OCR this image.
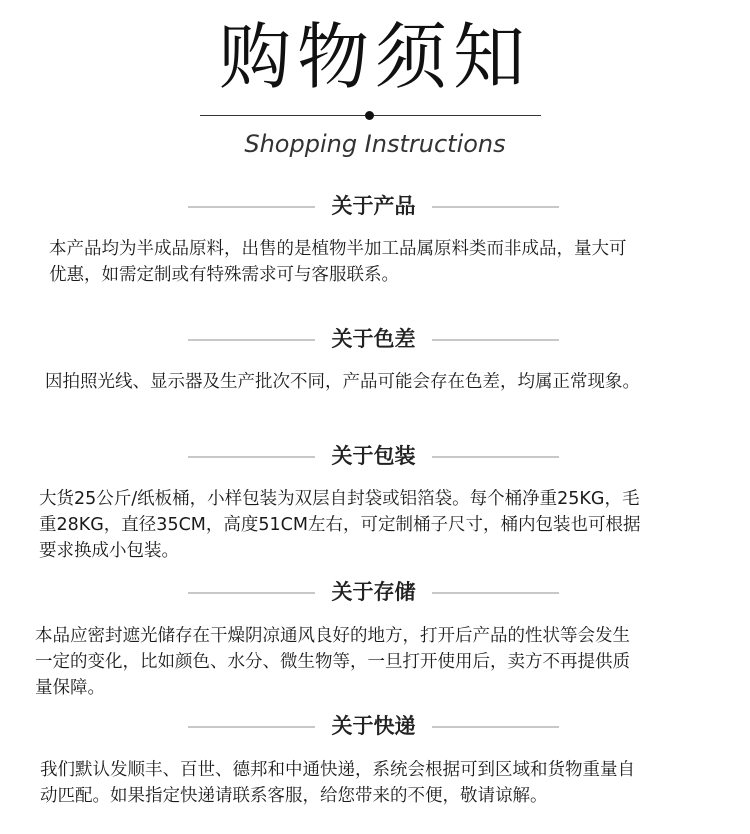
购物须知
Shopping Instructions
关于产品
本产品均为半成品原料，出售的是植物半加工品属原料类而非成品，量大可
优惠，如需定制或有特殊需求可与客服联系。
关于色差
因拍照光线、显示器及生产批次不同，产品可能会存在色差，均属正常现象。
关于包装
大货25公斤/纸板桶，小样包装为双层自封袋或铝箔袋。每个桶净重25KG，毛
重28KG，直径35CM，高度51CM左右，可定制桶子尺寸，桶内包装也可根据
要求换成小包装。
关于存储
本品应密封遮光储存在干燥阴凉通风良好的地方，打开后产品的性状等会发生
一定的变化，比如颜色、水分、微生物等，一旦打开使用后，卖方不再提供质
量保障。
关于快递
我们默认发顺丰、百世、德邦和中通快递，系统会根据可到区域和货物重量自
动匹配。如果指定快递请联系客服，给您带来的不便，敬请谅解。
